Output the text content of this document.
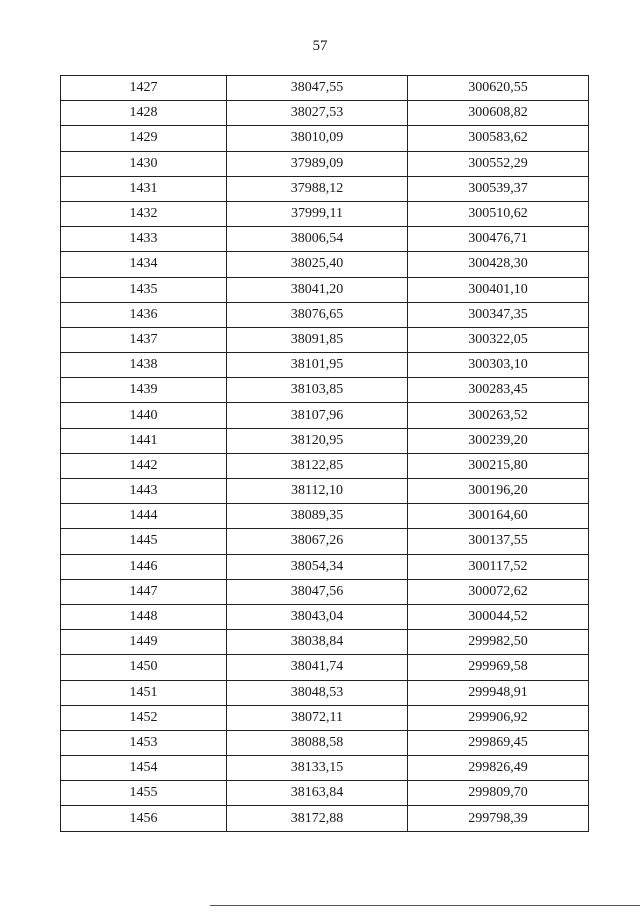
57
1427	38047,55	300620,55
1428	38027,53	300608,82
1429	38010,09	300583,62
1430	37989,09	300552,29
1431	37988,12	300539,37
1432	37999,11	300510,62
1433	38006,54	300476,71
1434	38025,40	300428,30
1435	38041,20	300401,10
1436	38076,65	300347,35
1437	38091,85	300322,05
1438	38101,95	300303,10
1439	38103,85	300283,45
1440	38107,96	300263,52
1441	38120,95	300239,20
1442	38122,85	300215,80
1443	38112,10	300196,20
1444	38089,35	300164,60
1445	38067,26	300137,55
1446	38054,34	300117,52
1447	38047,56	300072,62
1448	38043,04	300044,52
1449	38038,84	299982,50
1450	38041,74	299969,58
1451	38048,53	299948,91
1452	38072,11	299906,92
1453	38088,58	299869,45
1454	38133,15	299826,49
1455	38163,84	299809,70
1456	38172,88	299798,39
